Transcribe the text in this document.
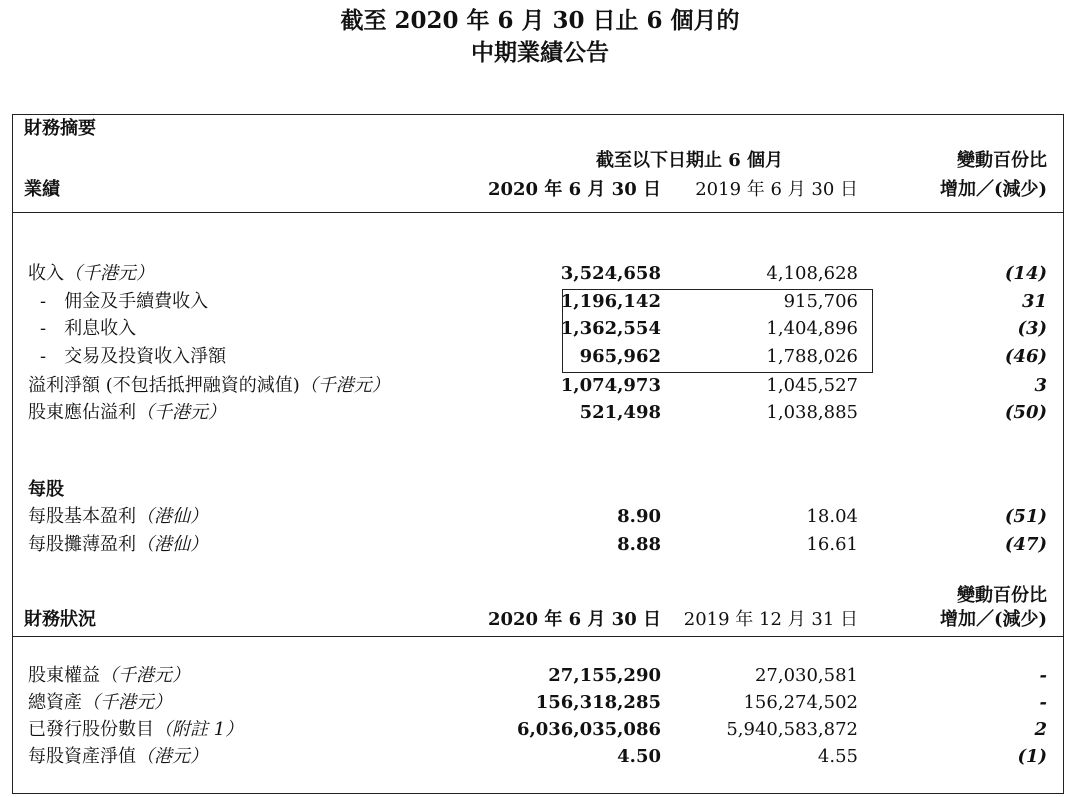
截至 2020 年 6 月 30 日止 6 個月的
中期業績公告
財務摘要
截至以下日期止 6 個月	變動百份比
業績	2020 年 6 月 30 日 2019 年 6 月 30 日	增加／(減少)
收入（千港元）	3,524,658	4,108,628	(14)
-　佣金及手續費收入	1,196,142	915,706	31
-　利息收入	1,362,554	1,404,896	(3)
-　交易及投資收入淨額	965,962	1,788,026	(46)
溢利淨額 (不包括抵押融資的減值)（千港元）	1,074,973	1,045,527	3
股東應佔溢利（千港元）	521,498	1,038,885	(50)
每股
每股基本盈利（港仙）	8.90	18.04	(51)
每股攤薄盈利（港仙）	8.88	16.61	(47)
變動百份比
財務狀況	2020 年 6 月 30 日 2019 年 12 月 31 日	增加／(減少)
股東權益（千港元）	27,155,290	27,030,581	-
總資產（千港元）	156,318,285	156,274,502	-
已發行股份數目（附註 1）	6,036,035,086	5,940,583,872	2
每股資產淨值（港元）	4.50	4.55	(1)
